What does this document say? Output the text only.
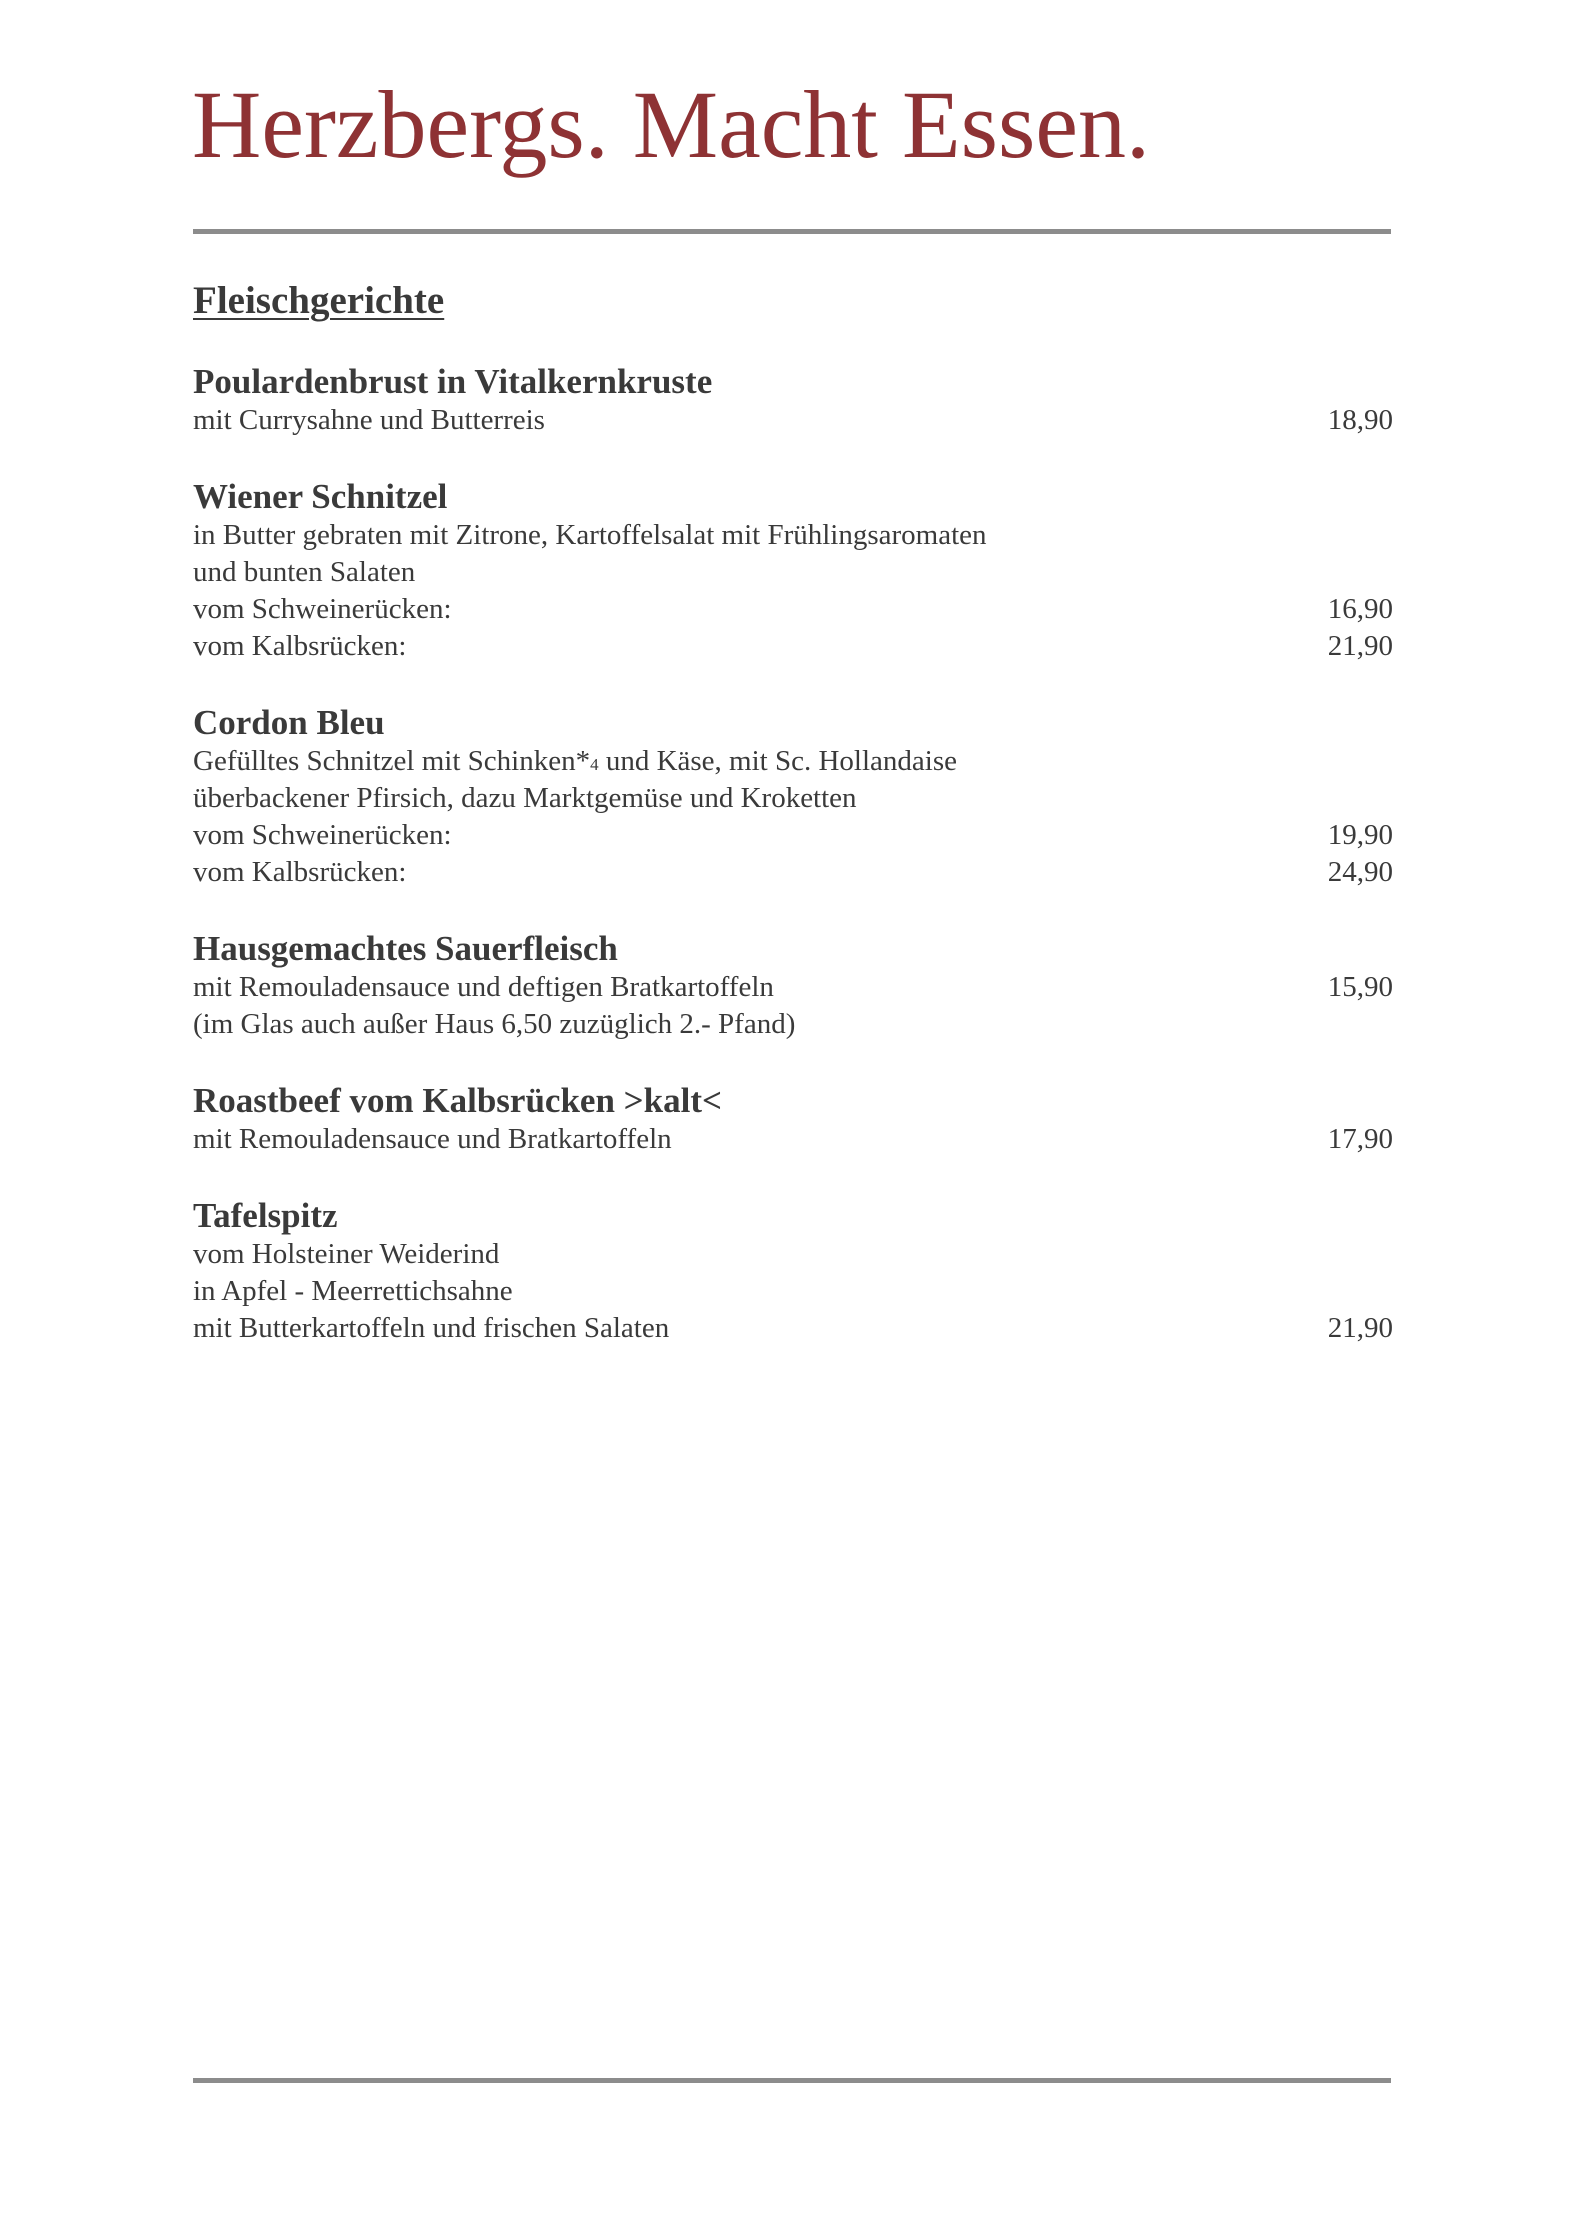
Herzbergs. Macht Essen.
Fleischgerichte
Poulardenbrust in Vitalkernkruste
mit Currysahne und Butterreis	18,90
Wiener Schnitzel
in Butter gebraten mit Zitrone, Kartoffelsalat mit Frühlingsaromaten
und bunten Salaten
vom Schweinerücken:	16,90
vom Kalbsrücken:	21,90
Cordon Bleu
Gefülltes Schnitzel mit Schinken*4 und Käse, mit Sc. Hollandaise
überbackener Pfirsich, dazu Marktgemüse und Kroketten
vom Schweinerücken:	19,90
vom Kalbsrücken:	24,90
Hausgemachtes Sauerfleisch
mit Remouladensauce und deftigen Bratkartoffeln	15,90
(im Glas auch außer Haus 6,50 zuzüglich 2.- Pfand)
Roastbeef vom Kalbsrücken >kalt<
mit Remouladensauce und Bratkartoffeln	17,90
Tafelspitz
vom Holsteiner Weiderind
in Apfel - Meerrettichsahne
mit Butterkartoffeln und frischen Salaten	21,90
